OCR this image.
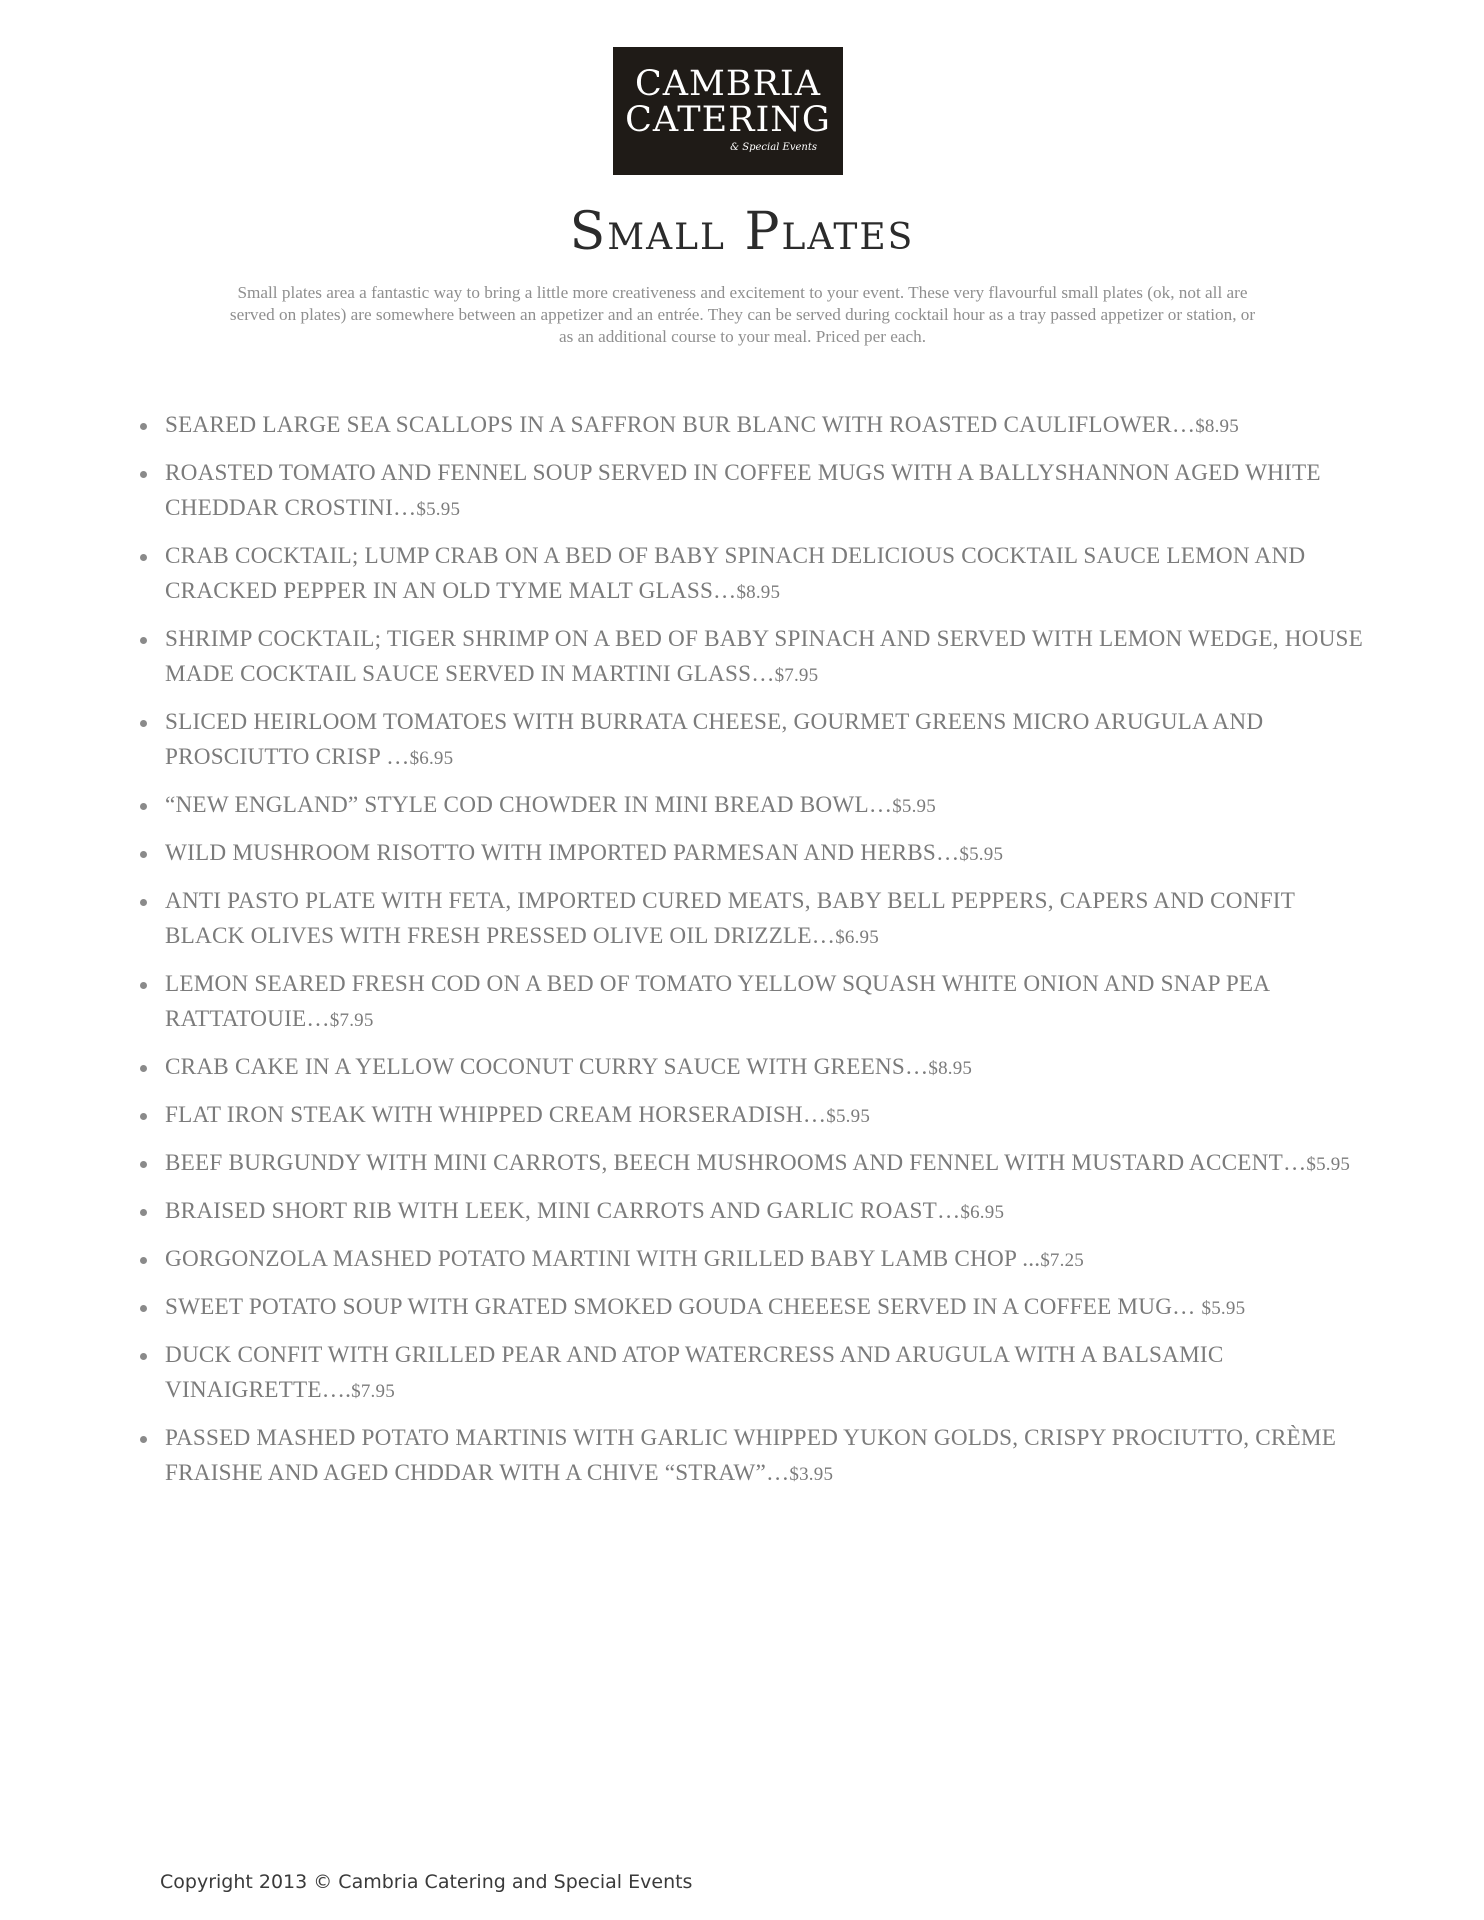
CAMBRIA
CATERING
& Special Events
Small Plates

Small plates area a fantastic way to bring a little more creativeness and excitement to your event. These very flavourful small plates (ok, not all are served on plates) are somewhere between an appetizer and an entrée. They can be served during cocktail hour as a tray passed appetizer or station, or as an additional course to your meal. Priced per each.

SEARED LARGE SEA SCALLOPS IN A SAFFRON BUR BLANC WITH ROASTED CAULIFLOWER…$8.95
ROASTED TOMATO AND FENNEL SOUP SERVED IN COFFEE MUGS WITH A BALLYSHANNON AGED WHITE CHEDDAR CROSTINI…$5.95
CRAB COCKTAIL; LUMP CRAB ON A BED OF BABY SPINACH DELICIOUS COCKTAIL SAUCE LEMON AND CRACKED PEPPER IN AN OLD TYME MALT GLASS…$8.95
SHRIMP COCKTAIL; TIGER SHRIMP ON A BED OF BABY SPINACH AND SERVED WITH LEMON WEDGE, HOUSE MADE COCKTAIL SAUCE SERVED IN MARTINI GLASS…$7.95
SLICED HEIRLOOM TOMATOES WITH BURRATA CHEESE, GOURMET GREENS MICRO ARUGULA AND PROSCIUTTO CRISP …$6.95
“NEW ENGLAND” STYLE COD CHOWDER IN MINI BREAD BOWL…$5.95
WILD MUSHROOM RISOTTO WITH IMPORTED PARMESAN AND HERBS…$5.95
ANTI PASTO PLATE WITH FETA, IMPORTED CURED MEATS, BABY BELL PEPPERS, CAPERS AND CONFIT BLACK OLIVES WITH FRESH PRESSED OLIVE OIL DRIZZLE…$6.95
LEMON SEARED FRESH COD ON A BED OF TOMATO YELLOW SQUASH WHITE ONION AND SNAP PEA RATTATOUIE…$7.95
CRAB CAKE IN A YELLOW COCONUT CURRY SAUCE WITH GREENS…$8.95
FLAT IRON STEAK WITH WHIPPED CREAM HORSERADISH…$5.95
BEEF BURGUNDY WITH MINI CARROTS, BEECH MUSHROOMS AND FENNEL WITH MUSTARD ACCENT…$5.95
BRAISED SHORT RIB WITH LEEK, MINI CARROTS AND GARLIC ROAST…$6.95
GORGONZOLA MASHED POTATO MARTINI WITH GRILLED BABY LAMB CHOP ...$7.25
SWEET POTATO SOUP WITH GRATED SMOKED GOUDA CHEEESE SERVED IN A COFFEE MUG… $5.95
DUCK CONFIT WITH GRILLED PEAR AND ATOP WATERCRESS AND ARUGULA WITH A BALSAMIC VINAIGRETTE….$7.95
PASSED MASHED POTATO MARTINIS WITH GARLIC WHIPPED YUKON GOLDS, CRISPY PROCIUTTO, CRÈME FRAISHE AND AGED CHDDAR WITH A CHIVE “STRAW”…$3.95

Copyright 2013 © Cambria Catering and Special Events
